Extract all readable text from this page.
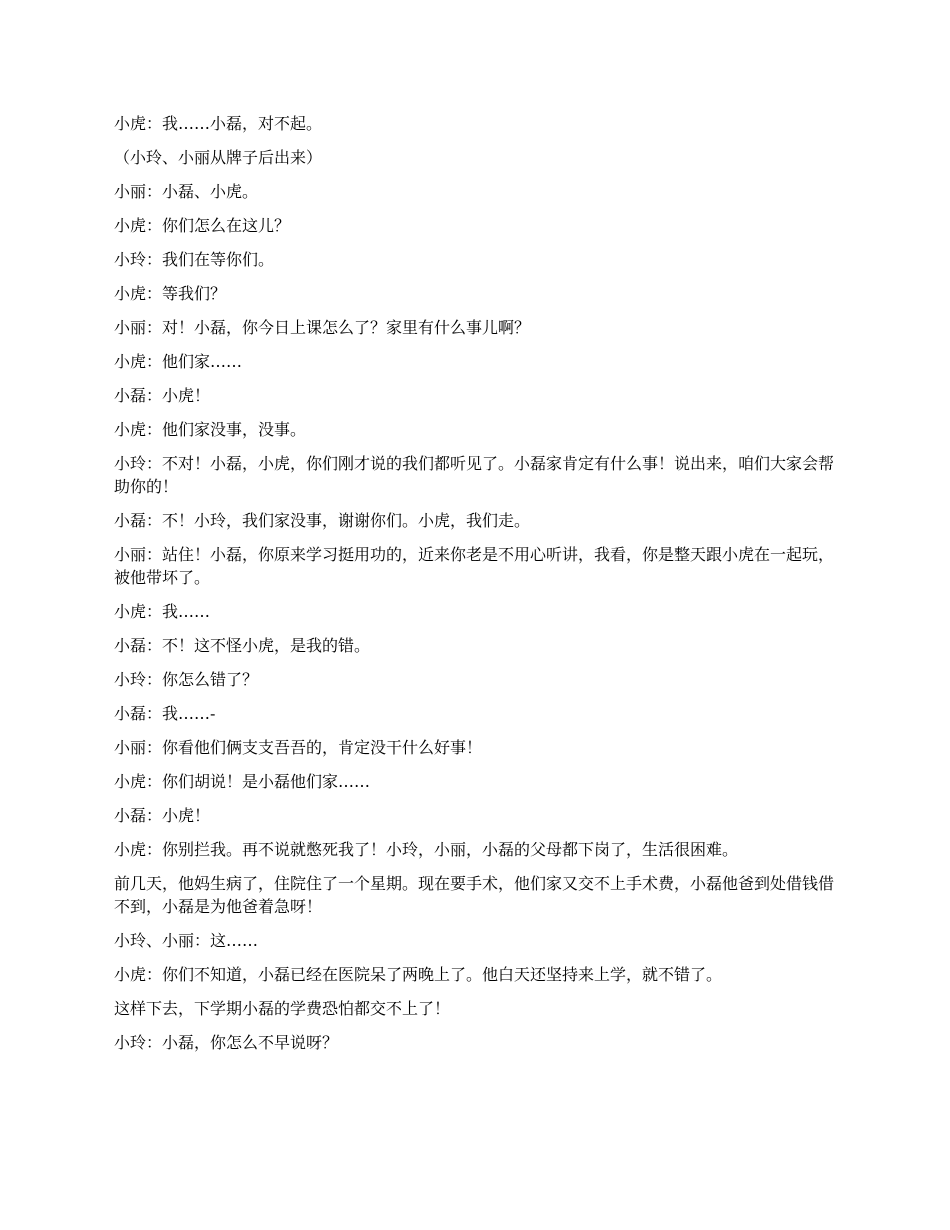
小虎：我……小磊，对不起。

（小玲、小丽从牌子后出来）

小丽：小磊、小虎。

小虎：你们怎么在这儿？

小玲：我们在等你们。

小虎：等我们？

小丽：对！小磊，你今日上课怎么了？家里有什么事儿啊？

小虎：他们家……

小磊：小虎！

小虎：他们家没事，没事。

小玲：不对！小磊，小虎，你们刚才说的我们都听见了。小磊家肯定有什么事！说出来，咱们大家会帮助你的！

小磊：不！小玲，我们家没事，谢谢你们。小虎，我们走。

小丽：站住！小磊，你原来学习挺用功的，近来你老是不用心听讲，我看，你是整天跟小虎在一起玩，被他带坏了。

小虎：我……

小磊：不！这不怪小虎，是我的错。

小玲：你怎么错了？

小磊：我……-

小丽：你看他们俩支支吾吾的，肯定没干什么好事！

小虎：你们胡说！是小磊他们家……

小磊：小虎！

小虎：你别拦我。再不说就憋死我了！小玲，小丽，小磊的父母都下岗了，生活很困难。

前几天，他妈生病了，住院住了一个星期。现在要手术，他们家又交不上手术费，小磊他爸到处借钱借不到，小磊是为他爸着急呀！

小玲、小丽：这……

小虎：你们不知道，小磊已经在医院呆了两晚上了。他白天还坚持来上学，就不错了。

这样下去，下学期小磊的学费恐怕都交不上了！

小玲：小磊，你怎么不早说呀？
